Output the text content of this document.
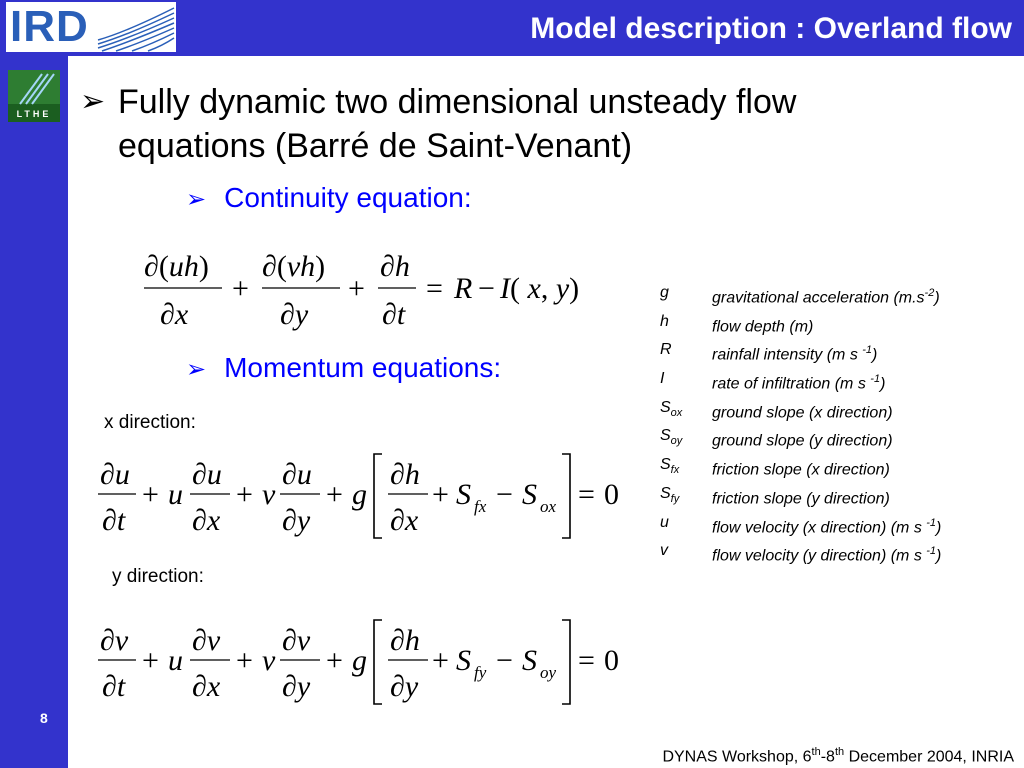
IRD
LTHE
Model description : Overland flow
➢ Fully dynamic two dimensional unsteady flow
equations (Barré de Saint-Venant)
➢ Continuity equation:
∂(uh)
∂x
+
∂(vh)
∂y
+
∂h
∂t
= R − I( x, y)
➢ Momentum equations:
x direction:
∂u
∂t
+ u
∂u
∂x
+ v
∂u
∂y
+ g
∂h
∂x
+ S fx − S ox = 0
y direction:
∂v
∂t
+ u
∂v
∂x
+ v
∂v
∂y
+ g
∂h
∂y
+ S fy − S oy = 0
g	gravitational acceleration $(m.s^{-2})$
h	flow depth (m)
R	rainfall intensity (m s $^{-1}$)
I	rate of infiltration (m s $^{-1}$)
$S_{ox}$ ground slope (x direction)
$S_{oy}$ ground slope (y direction)
$S_{fx}$ friction slope (x direction)
$S_{fy}$ friction slope (y direction)
u	flow velocity (x direction) (m s $^{-1}$)
v	flow velocity (y direction) (m s $^{-1}$)
8
DYNAS Workshop, 6th-8th December 2004, INRIA
